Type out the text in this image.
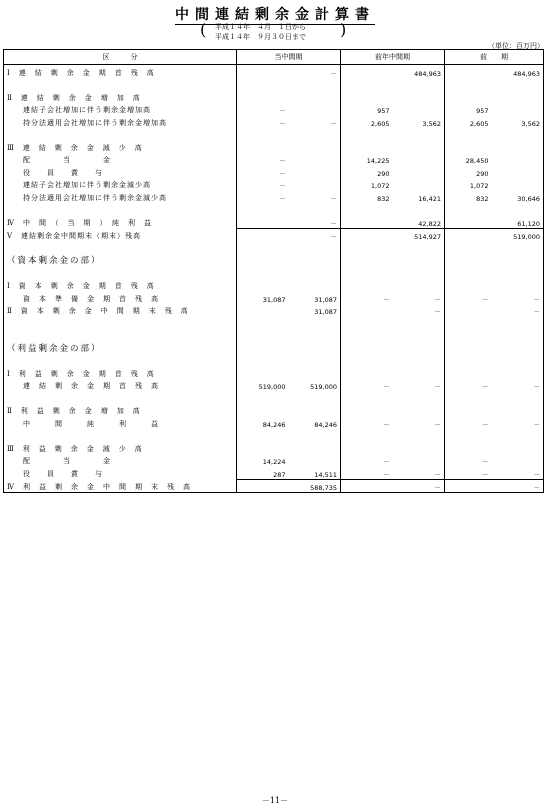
中間連結剰余金計算書
( 平成１４年　４月　１日から
平成１４年　９月３０日まで )
（単位：百万円）
区　　　分	当中間期		前年中間期		前　　期	
Ⅰ　連　結　剰　余　金　期　首　残　高		－		484,963		484,963

Ⅱ　連　結　剰　余　金　増　加　高						
　　連結子会社増加に伴う剰余金増加高	－		957		957	
　　持分法適用会社増加に伴う剰余金増加高	－	－	2,605	3,562	2,605	3,562

Ⅲ　連　結　剰　余　金　減　少　高						
　　配　　　　当　　　　金	－		14,225		28,450	
　　役　　員　　賞　　与	－		290		290	
　　連結子会社増加に伴う剰余金減少高	－		1,072		1,072	
　　持分法適用会社増加に伴う剰余金減少高	－	－	832	16,421	832	30,646

Ⅳ　中　間　（　当　期　）　純　利　益		－		42,822		61,120
Ⅴ　連結剰余金中間期末（期末）残高		－		514,927		519,000

（資本剰余金の部）						

Ⅰ　資　本　剰　余　金　期　首　残　高						
　　資　本　準　備　金　期　首　残　高	31,087	31,087	－	－	－	－
Ⅱ　資　本　剰　余　金　中　間　期　末　残　高		31,087		－		－

（利益剰余金の部）						

Ⅰ　利　益　剰　余　金　期　首　残　高						
　　連　結　剰　余　金　期　首　残　高	519,000	519,000	－	－	－	－

Ⅱ　利　益　剰　余　金　増　加　高						
　　中　　　間　　　純　　　利　　　益	84,246	84,246	－	－	－	－

Ⅲ　利　益　剰　余　金　減　少　高						
　　配　　　　当　　　　金	14,224		－		－	
　　役　　員　　賞　　与	287	14,511	－	－	－	－
Ⅳ　利　益　剰　余　金　中　間　期　末　残　高		588,735		－		－
－11－
